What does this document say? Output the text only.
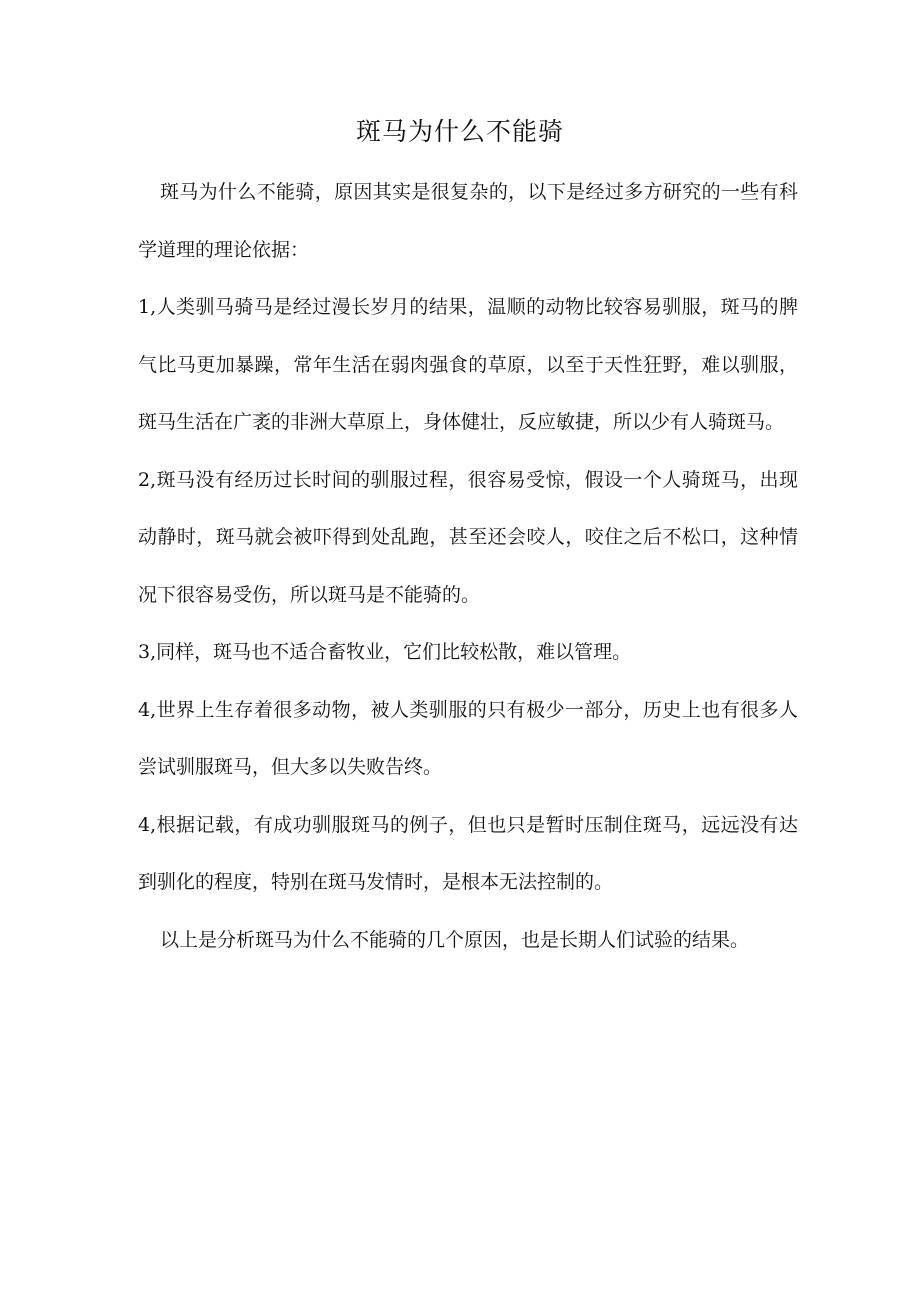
斑马为什么不能骑

斑马为什么不能骑，原因其实是很复杂的，以下是经过多方研究的一些有科学道理的理论依据：

1,人类驯马骑马是经过漫长岁月的结果，温顺的动物比较容易驯服，斑马的脾气比马更加暴躁，常年生活在弱肉强食的草原，以至于天性狂野，难以驯服，斑马生活在广袤的非洲大草原上，身体健壮，反应敏捷，所以少有人骑斑马。

2,斑马没有经历过长时间的驯服过程，很容易受惊，假设一个人骑斑马，出现动静时，斑马就会被吓得到处乱跑，甚至还会咬人，咬住之后不松口，这种情况下很容易受伤，所以斑马是不能骑的。

3,同样，斑马也不适合畜牧业，它们比较松散，难以管理。

4,世界上生存着很多动物，被人类驯服的只有极少一部分，历史上也有很多人尝试驯服斑马，但大多以失败告终。

4,根据记载，有成功驯服斑马的例子，但也只是暂时压制住斑马，远远没有达到驯化的程度，特别在斑马发情时，是根本无法控制的。

以上是分析斑马为什么不能骑的几个原因，也是长期人们试验的结果。
